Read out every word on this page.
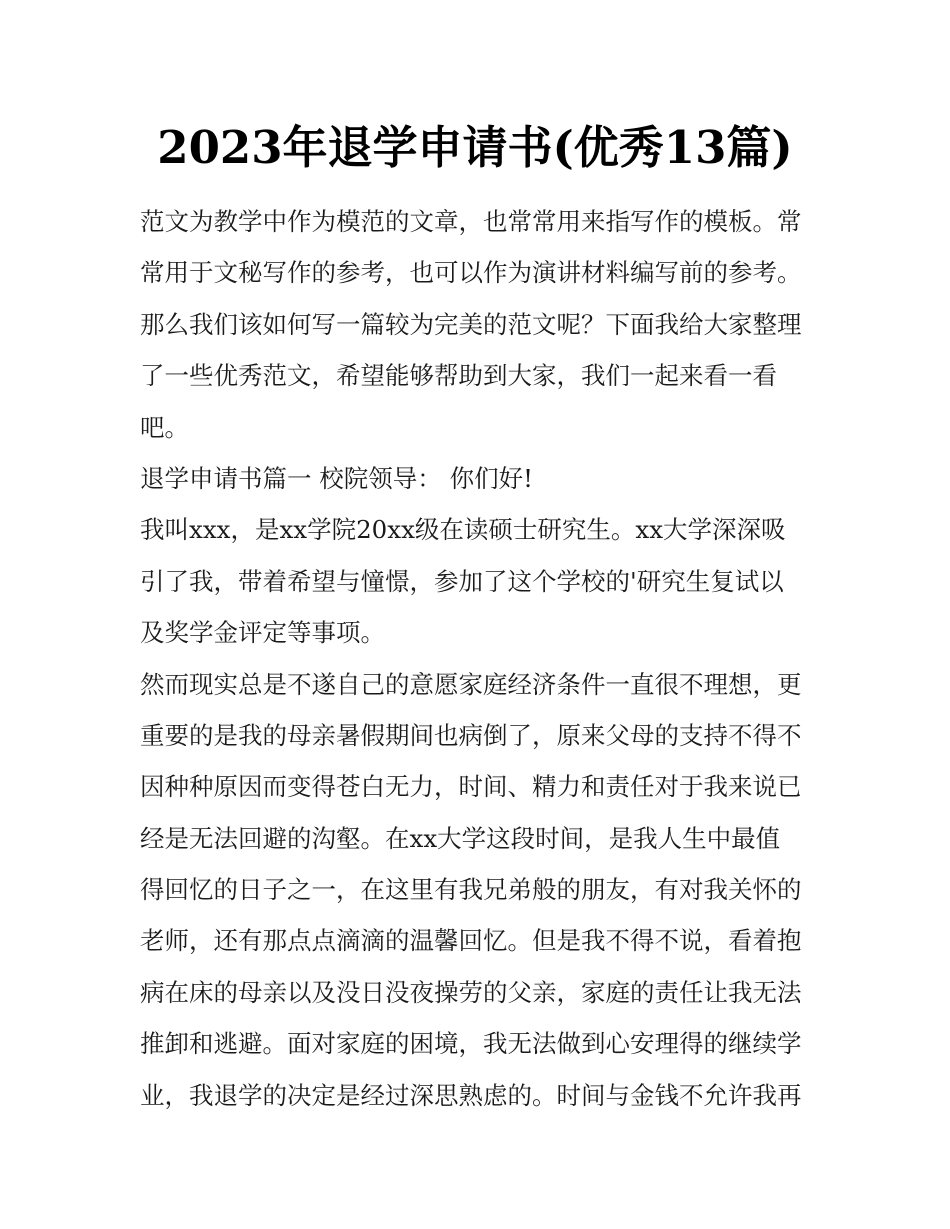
2023年退学申请书(优秀13篇)

范文为教学中作为模范的文章，也常常用来指写作的模板。常

常用于文秘写作的参考，也可以作为演讲材料编写前的参考。

那么我们该如何写一篇较为完美的范文呢？下面我给大家整理

了一些优秀范文，希望能够帮助到大家，我们一起来看一看

吧。

退学申请书篇一 校院领导： 你们好!

我叫xxx，是xx学院20xx级在读硕士研究生。xx大学深深吸

引了我，带着希望与憧憬，参加了这个学校的'研究生复试以

及奖学金评定等事项。

然而现实总是不遂自己的意愿家庭经济条件一直很不理想，更

重要的是我的母亲暑假期间也病倒了，原来父母的支持不得不

因种种原因而变得苍白无力，时间、精力和责任对于我来说已

经是无法回避的沟壑。在xx大学这段时间，是我人生中最值

得回忆的日子之一，在这里有我兄弟般的朋友，有对我关怀的

老师，还有那点点滴滴的温馨回忆。但是我不得不说，看着抱

病在床的母亲以及没日没夜操劳的父亲，家庭的责任让我无法

推卸和逃避。面对家庭的困境，我无法做到心安理得的继续学

业，我退学的决定是经过深思熟虑的。时间与金钱不允许我再
